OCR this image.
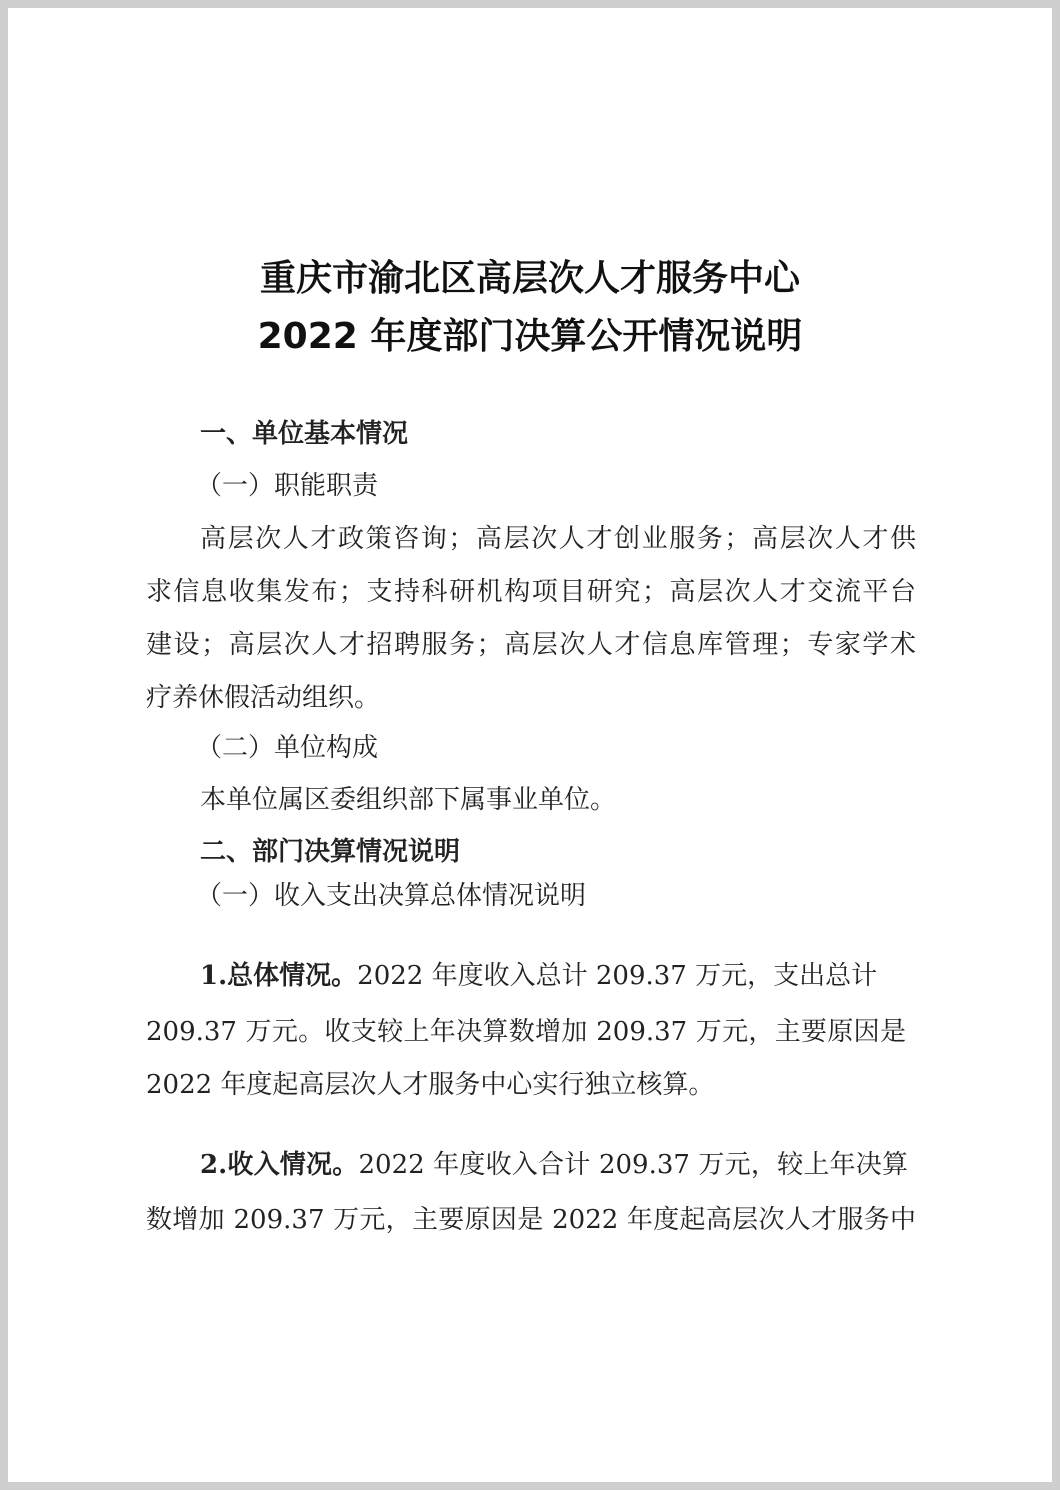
重庆市渝北区高层次人才服务中心
2022 年度部门决算公开情况说明

一、单位基本情况

（一）职能职责

高层次人才政策咨询；高层次人才创业服务；高层次人才供

求信息收集发布；支持科研机构项目研究；高层次人才交流平台

建设；高层次人才招聘服务；高层次人才信息库管理；专家学术

疗养休假活动组织。

（二）单位构成

本单位属区委组织部下属事业单位。

二、部门决算情况说明

（一）收入支出决算总体情况说明

1.总体情况。2022 年度收入总计 209.37 万元，支出总计

209.37 万元。收支较上年决算数增加 209.37 万元，主要原因是

2022 年度起高层次人才服务中心实行独立核算。

2.收入情况。2022 年度收入合计 209.37 万元，较上年决算

数增加 209.37 万元，主要原因是 2022 年度起高层次人才服务中
